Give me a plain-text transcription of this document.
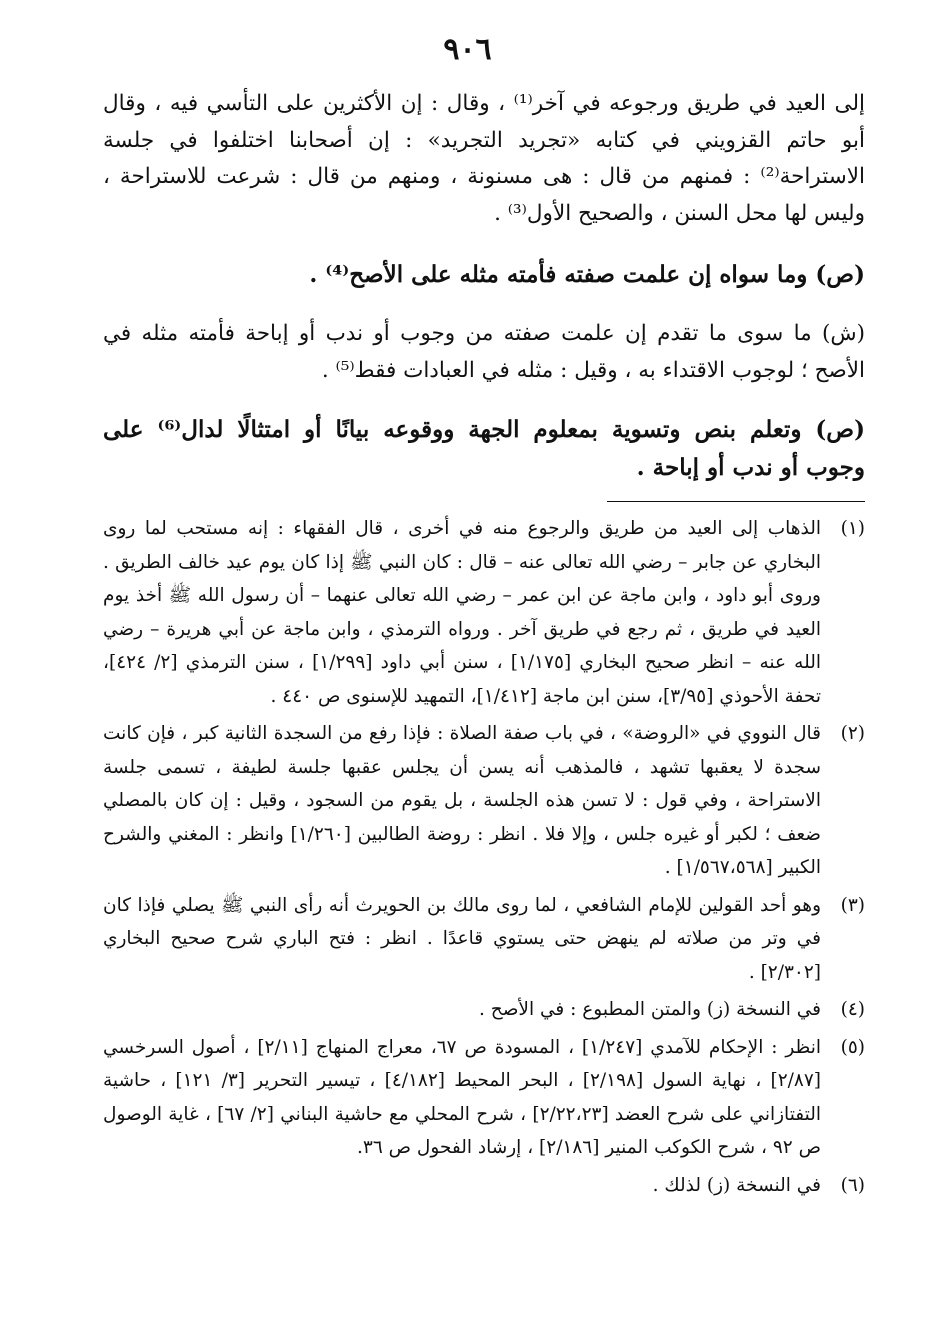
٩٠٦

إلى العيد في طريق ورجوعه في آخر⁽¹⁾ ، وقال : إن الأكثرين على التأسي فيه ، وقال أبو حاتم القزويني في كتابه «تجريد التجريد» : إن أصحابنا اختلفوا في جلسة الاستراحة⁽²⁾ : فمنهم من قال : هى مسنونة ، ومنهم من قال : شرعت للاستراحة ، وليس لها محل السنن ، والصحيح الأول⁽³⁾ .

(ص) وما سواه إن علمت صفته فأمته مثله على الأصح⁽⁴⁾ .

(ش) ما سوى ما تقدم إن علمت صفته من وجوب أو ندب أو إباحة فأمته مثله في الأصح ؛ لوجوب الاقتداء به ، وقيل : مثله في العبادات فقط⁽⁵⁾ .

(ص) وتعلم بنص وتسوية بمعلوم الجهة ووقوعه بيانًا أو امتثالًا لدال⁽⁶⁾ على وجوب أو ندب أو إباحة .

(١)
الذهاب إلى العيد من طريق والرجوع منه في أخرى ، قال الفقهاء : إنه مستحب لما روى البخاري عن جابر – رضي الله تعالى عنه – قال : كان النبي ﷺ إذا كان يوم عيد خالف الطريق . وروى أبو داود ، وابن ماجة عن ابن عمر – رضي الله تعالى عنهما – أن رسول الله ﷺ أخذ يوم العيد في طريق ، ثم رجع في طريق آخر . ورواه الترمذي ، وابن ماجة عن أبي هريرة – رضي الله عنه – انظر صحيح البخاري [١/١٧٥] ، سنن أبي داود [١/٢٩٩] ، سنن الترمذي [٢/ ٤٢٤]، تحفة الأحوذي [٣/٩٥]، سنن ابن ماجة [١/٤١٢]، التمهيد للإسنوى ص ٤٤٠ .

(٢)
قال النووي في «الروضة» ، في باب صفة الصلاة : فإذا رفع من السجدة الثانية كبر ، فإن كانت سجدة لا يعقبها تشهد ، فالمذهب أنه يسن أن يجلس عقبها جلسة لطيفة ، تسمى جلسة الاستراحة ، وفي قول : لا تسن هذه الجلسة ، بل يقوم من السجود ، وقيل : إن كان بالمصلي ضعف ؛ لكبر أو غيره جلس ، وإلا فلا . انظر : روضة الطالبين [١/٢٦٠] وانظر : المغني والشرح الكبير [١/٥٦٧،٥٦٨] .

(٣)
وهو أحد القولين للإمام الشافعي ، لما روى مالك بن الحويرث أنه رأى النبي ﷺ يصلي فإذا كان في وتر من صلاته لم ينهض حتى يستوي قاعدًا . انظر : فتح الباري شرح صحيح البخاري [٢/٣٠٢] .

(٤)
في النسخة (ز) والمتن المطبوع : في الأصح .

(٥)
انظر : الإحكام للآمدي [١/٢٤٧] ، المسودة ص ٦٧، معراج المنهاج [٢/١١] ، أصول السرخسي [٢/٨٧] ، نهاية السول [٢/١٩٨] ، البحر المحيط [٤/١٨٢] ، تيسير التحرير [٣/ ١٢١] ، حاشية التفتازاني على شرح العضد [٢/٢٢،٢٣] ، شرح المحلي مع حاشية البناني [٢/ ٦٧] ، غاية الوصول ص ٩٢ ، شرح الكوكب المنير [٢/١٨٦] ، إرشاد الفحول ص ٣٦.

(٦)
في النسخة (ز) لذلك .
